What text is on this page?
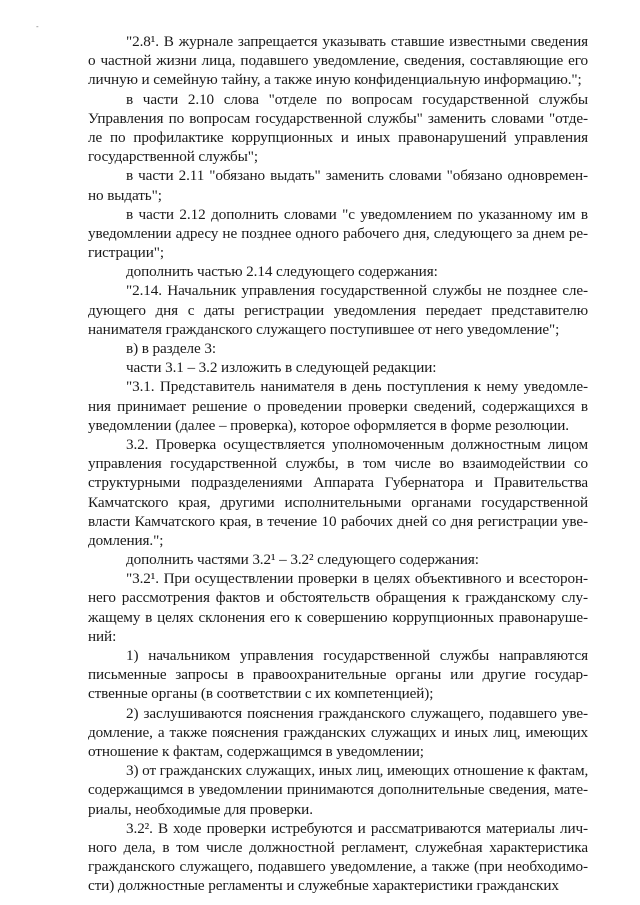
-
"2.8¹. В журнале запрещается указывать ставшие известными сведения
о частной жизни лица, подавшего уведомление, сведения, составляющие его
личную и семейную тайну, а также иную конфиденциальную информацию.";
в части 2.10 слова "отделе по вопросам государственной службы
Управления по вопросам государственной службы" заменить словами "отде-
ле по профилактике коррупционных и иных правонарушений управления
государственной службы";
в части 2.11 "обязано выдать" заменить словами "обязано одновремен-
но выдать";
в части 2.12 дополнить словами "с уведомлением по указанному им в
уведомлении адресу не позднее одного рабочего дня, следующего за днем ре-
гистрации";
дополнить частью 2.14 следующего содержания:
"2.14. Начальник управления государственной службы не позднее сле-
дующего дня с даты регистрации уведомления передает представителю
нанимателя гражданского служащего поступившее от него уведомление";
в) в разделе 3:
части 3.1 – 3.2 изложить в следующей редакции:
"3.1. Представитель нанимателя в день поступления к нему уведомле-
ния принимает решение о проведении проверки сведений, содержащихся в
уведомлении (далее – проверка), которое оформляется в форме резолюции.
3.2. Проверка осуществляется уполномоченным должностным лицом
управления государственной службы, в том числе во взаимодействии со
структурными подразделениями Аппарата Губернатора и Правительства
Камчатского края, другими исполнительными органами государственной
власти Камчатского края, в течение 10 рабочих дней со дня регистрации уве-
домления.";
дополнить частями 3.2¹ – 3.2² следующего содержания:
"3.2¹. При осуществлении проверки в целях объективного и всесторон-
него рассмотрения фактов и обстоятельств обращения к гражданскому слу-
жащему в целях склонения его к совершению коррупционных правонаруше-
ний:
1) начальником управления государственной службы направляются
письменные запросы в правоохранительные органы или другие государ-
ственные органы (в соответствии с их компетенцией);
2) заслушиваются пояснения гражданского служащего, подавшего уве-
домление, а также пояснения гражданских служащих и иных лиц, имеющих
отношение к фактам, содержащимся в уведомлении;
3) от гражданских служащих, иных лиц, имеющих отношение к фактам,
содержащимся в уведомлении принимаются дополнительные сведения, мате-
риалы, необходимые для проверки.
3.2². В ходе проверки истребуются и рассматриваются материалы лич-
ного дела, в том числе должностной регламент, служебная характеристика
гражданского служащего, подавшего уведомление, а также (при необходимо-
сти) должностные регламенты и служебные характеристики гражданских
